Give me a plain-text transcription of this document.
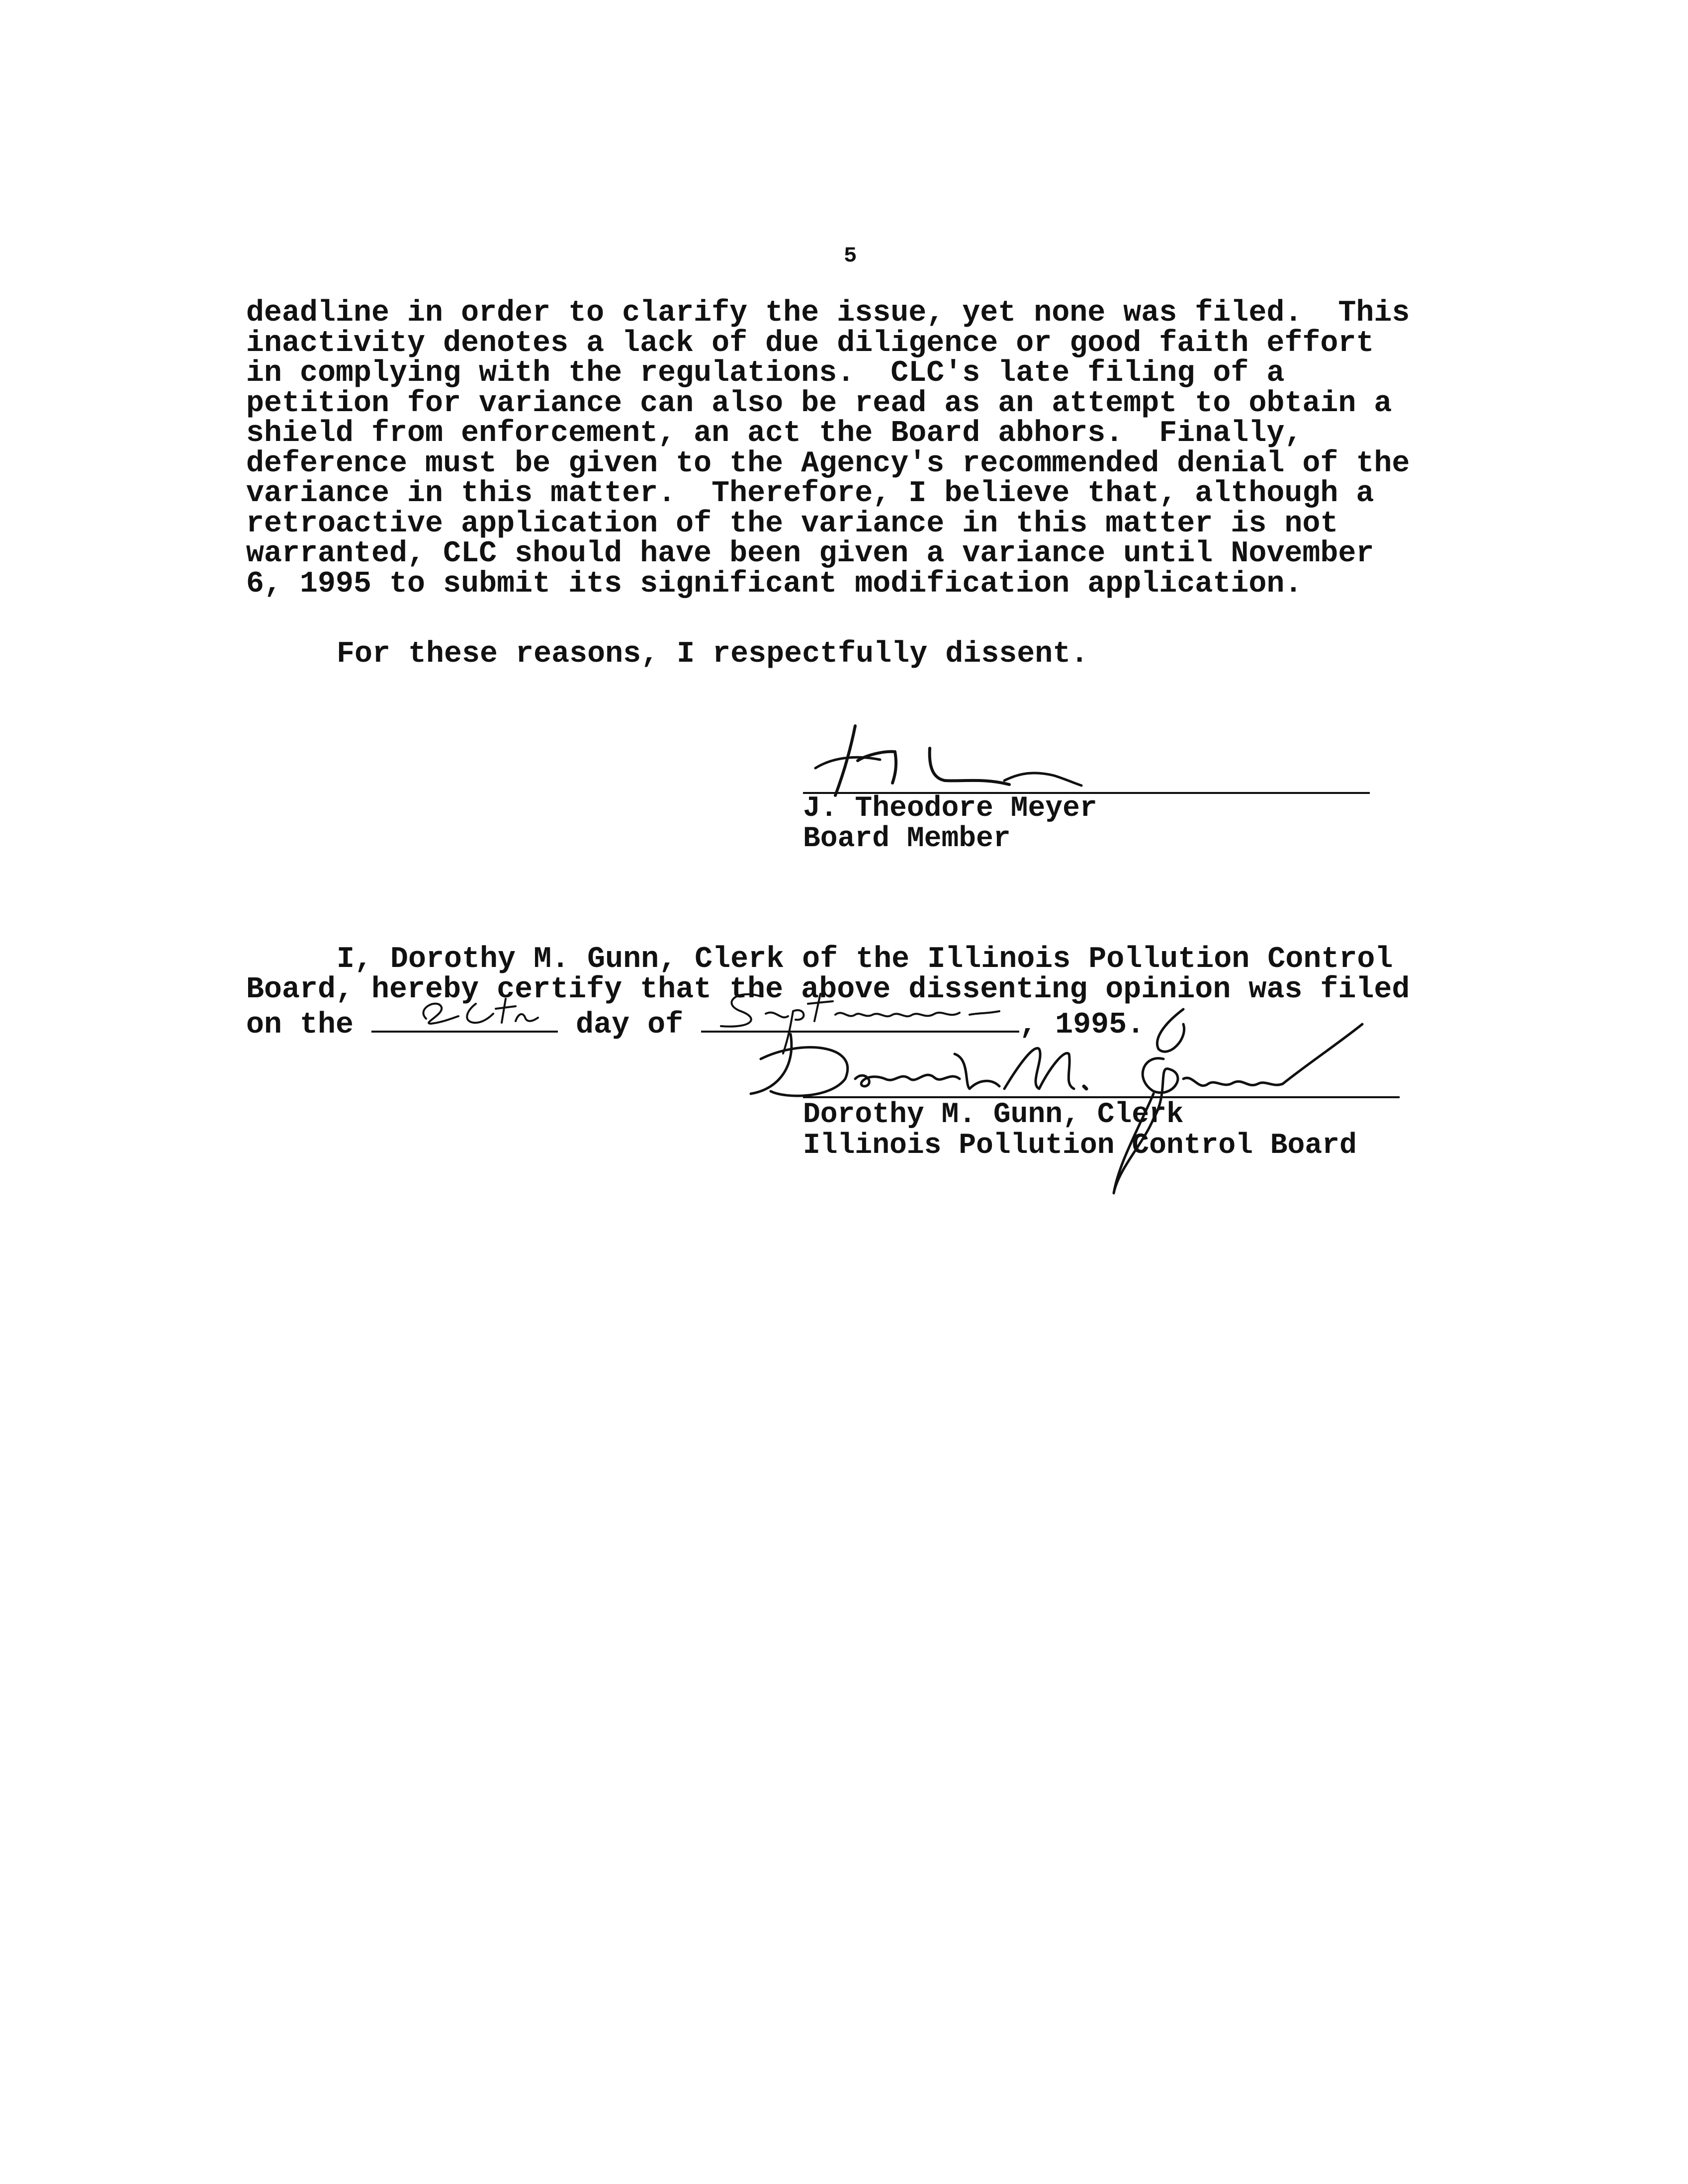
5
deadline in order to clarify the issue, yet none was filed.  This
inactivity denotes a lack of due diligence or good faith effort
in complying with the regulations.  CLC's late filing of a
petition for variance can also be read as an attempt to obtain a
shield from enforcement, an act the Board abhors.  Finally,
deference must be given to the Agency's recommended denial of the
variance in this matter.  Therefore, I believe that, although a
retroactive application of the variance in this matter is not
warranted, CLC should have been given a variance until November
6, 1995 to submit its significant modification application.
For these reasons, I respectfully dissent.
J. Theodore Meyer
Board Member
I, Dorothy M. Gunn, Clerk of the Illinois Pollution Control
Board, hereby certify that the above dissenting opinion was filed
on the	day of	, 1995.
Dorothy M. Gunn, Clerk
Illinois Pollution Control Board
